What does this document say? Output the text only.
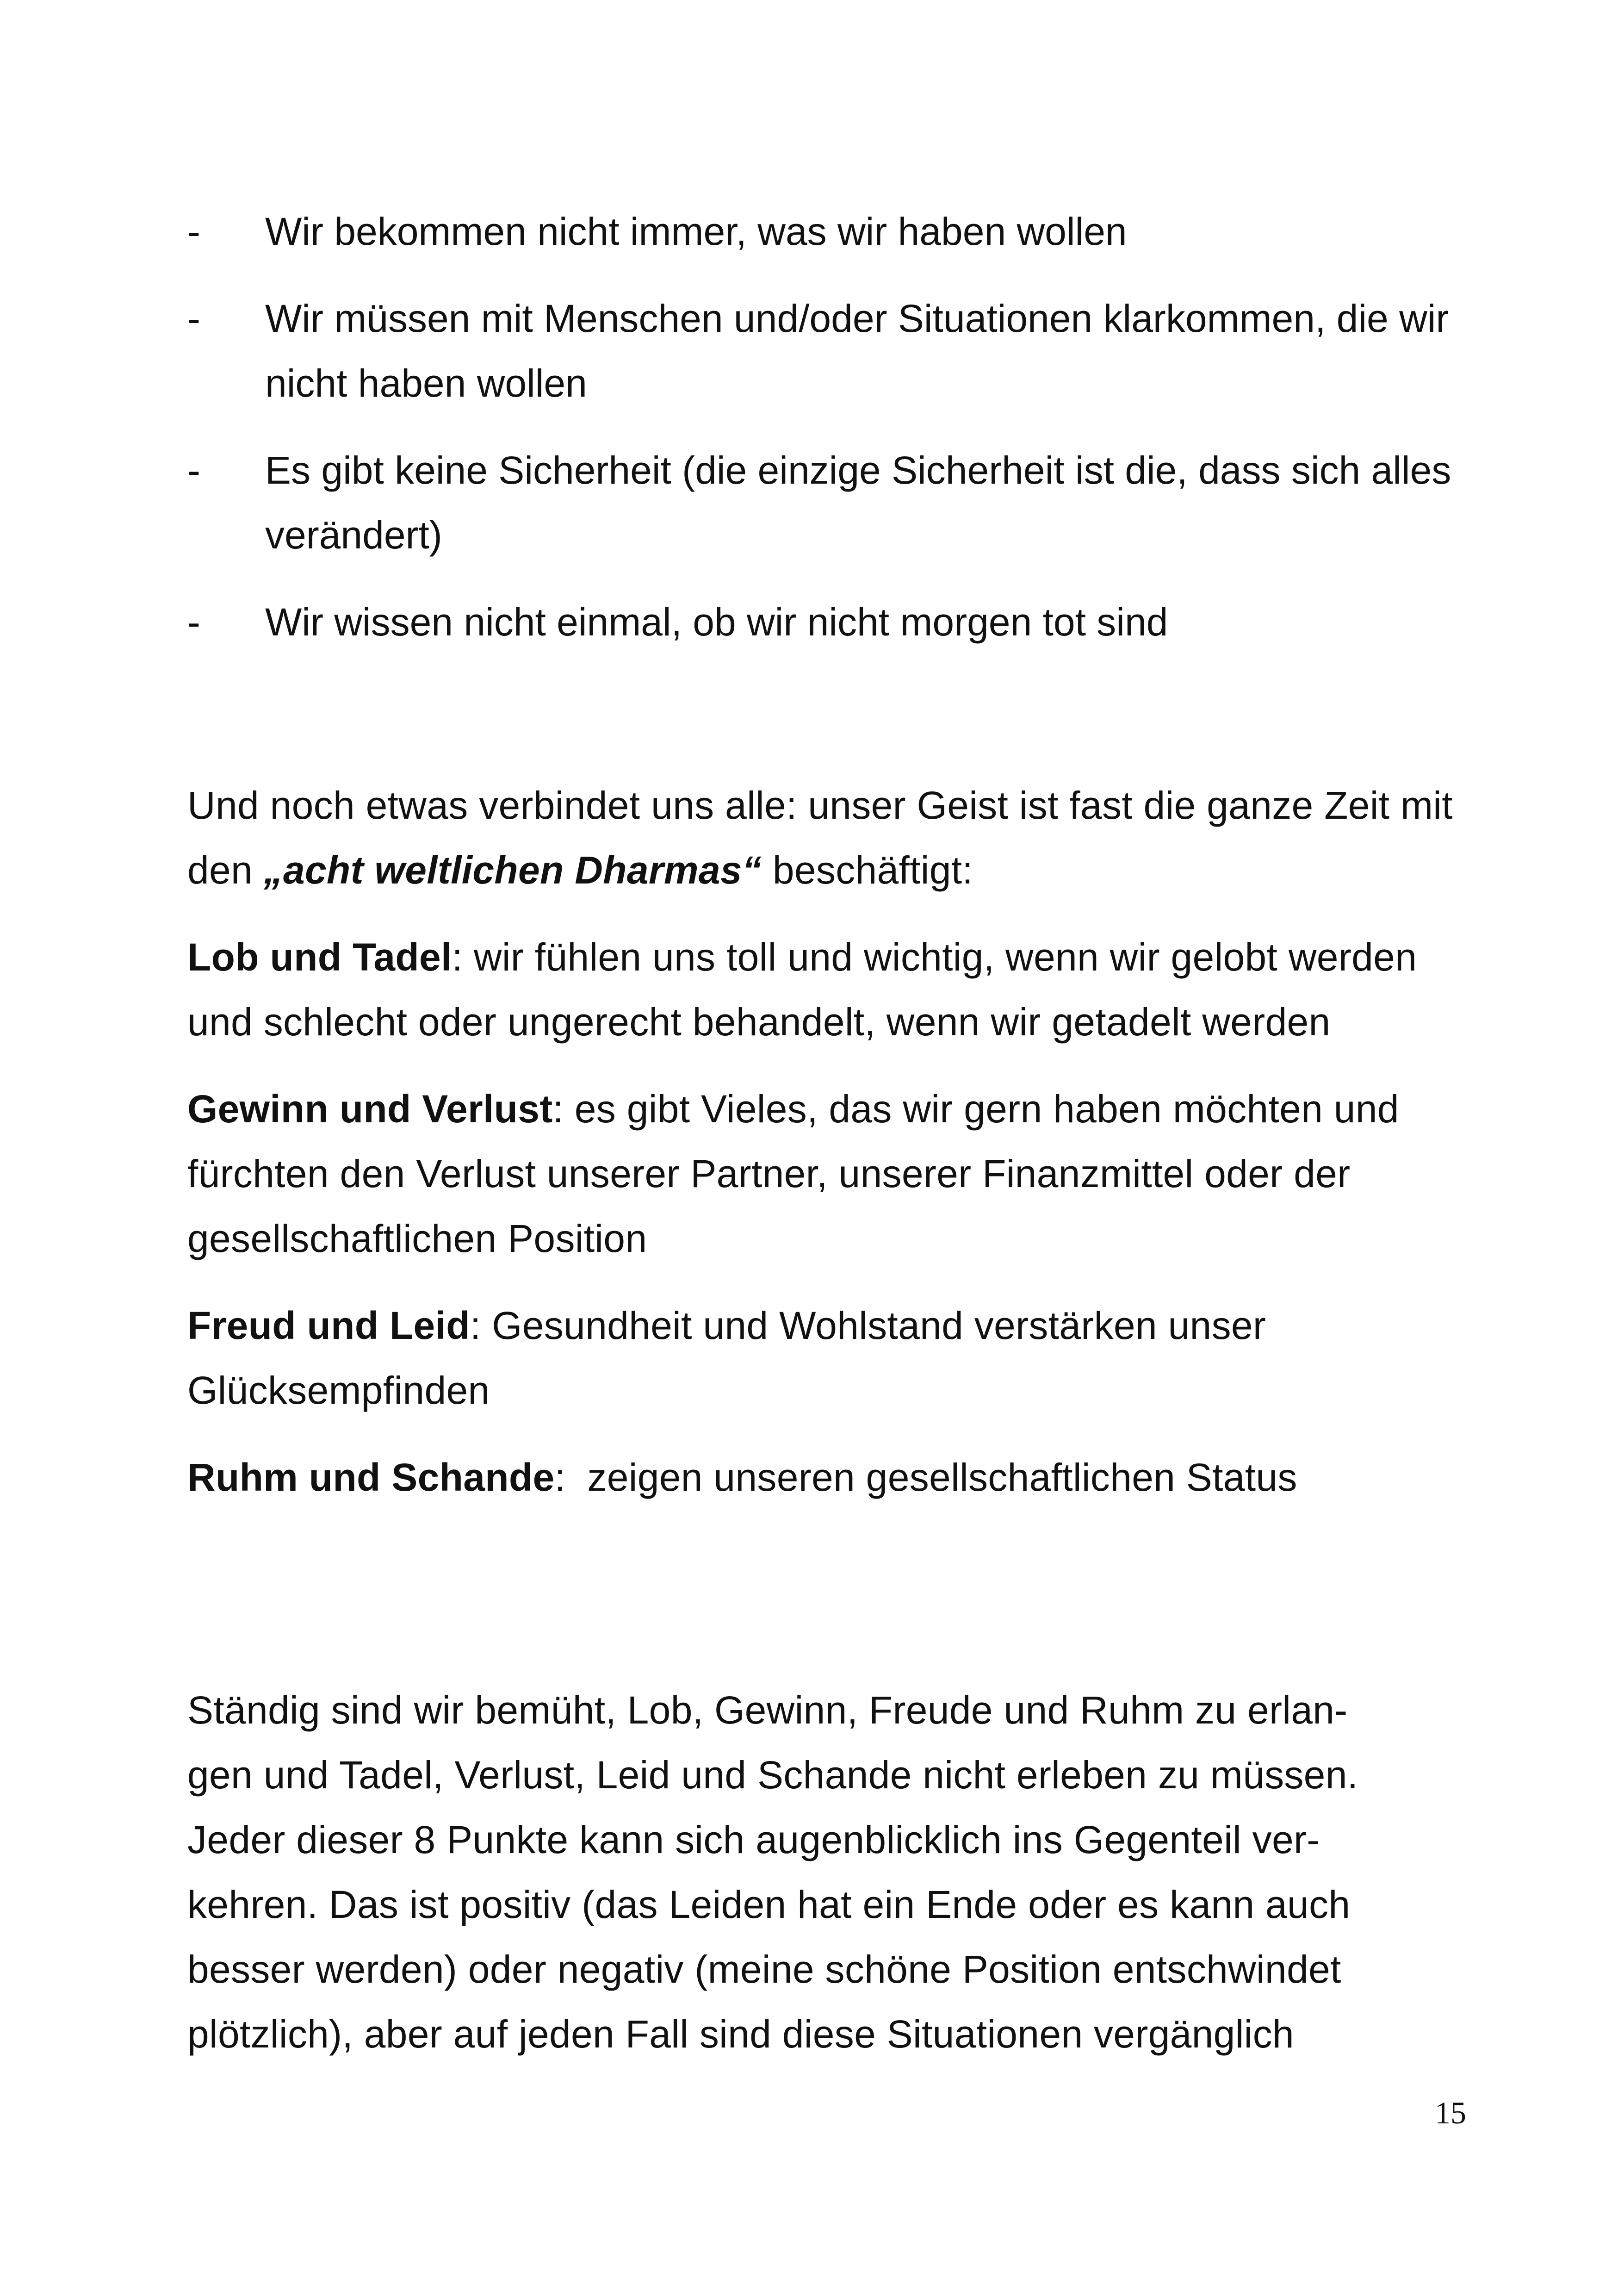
- Wir bekommen nicht immer, was wir haben wollen
- Wir müssen mit Menschen und/oder Situationen klarkommen, die wir nicht haben wollen
- Es gibt keine Sicherheit (die einzige Sicherheit ist die, dass sich alles verändert)
- Wir wissen nicht einmal, ob wir nicht morgen tot sind

Und noch etwas verbindet uns alle: unser Geist ist fast die ganze Zeit mit den „acht weltlichen Dharmas“ beschäftigt:

Lob und Tadel: wir fühlen uns toll und wichtig, wenn wir gelobt werden und schlecht oder ungerecht behandelt, wenn wir getadelt werden

Gewinn und Verlust: es gibt Vieles, das wir gern haben möchten und fürchten den Verlust unserer Partner, unserer Finanzmittel oder der gesellschaftlichen Position

Freud und Leid: Gesundheit und Wohlstand verstärken unser Glücksempfinden

Ruhm und Schande:  zeigen unseren gesellschaftlichen Status

Ständig sind wir bemüht, Lob, Gewinn, Freude und Ruhm zu erlan-
gen und Tadel, Verlust, Leid und Schande nicht erleben zu müssen.
Jeder dieser 8 Punkte kann sich augenblicklich ins Gegenteil ver-
kehren. Das ist positiv (das Leiden hat ein Ende oder es kann auch
besser werden) oder negativ (meine schöne Position entschwindet
plötzlich), aber auf jeden Fall sind diese Situationen vergänglich
15
